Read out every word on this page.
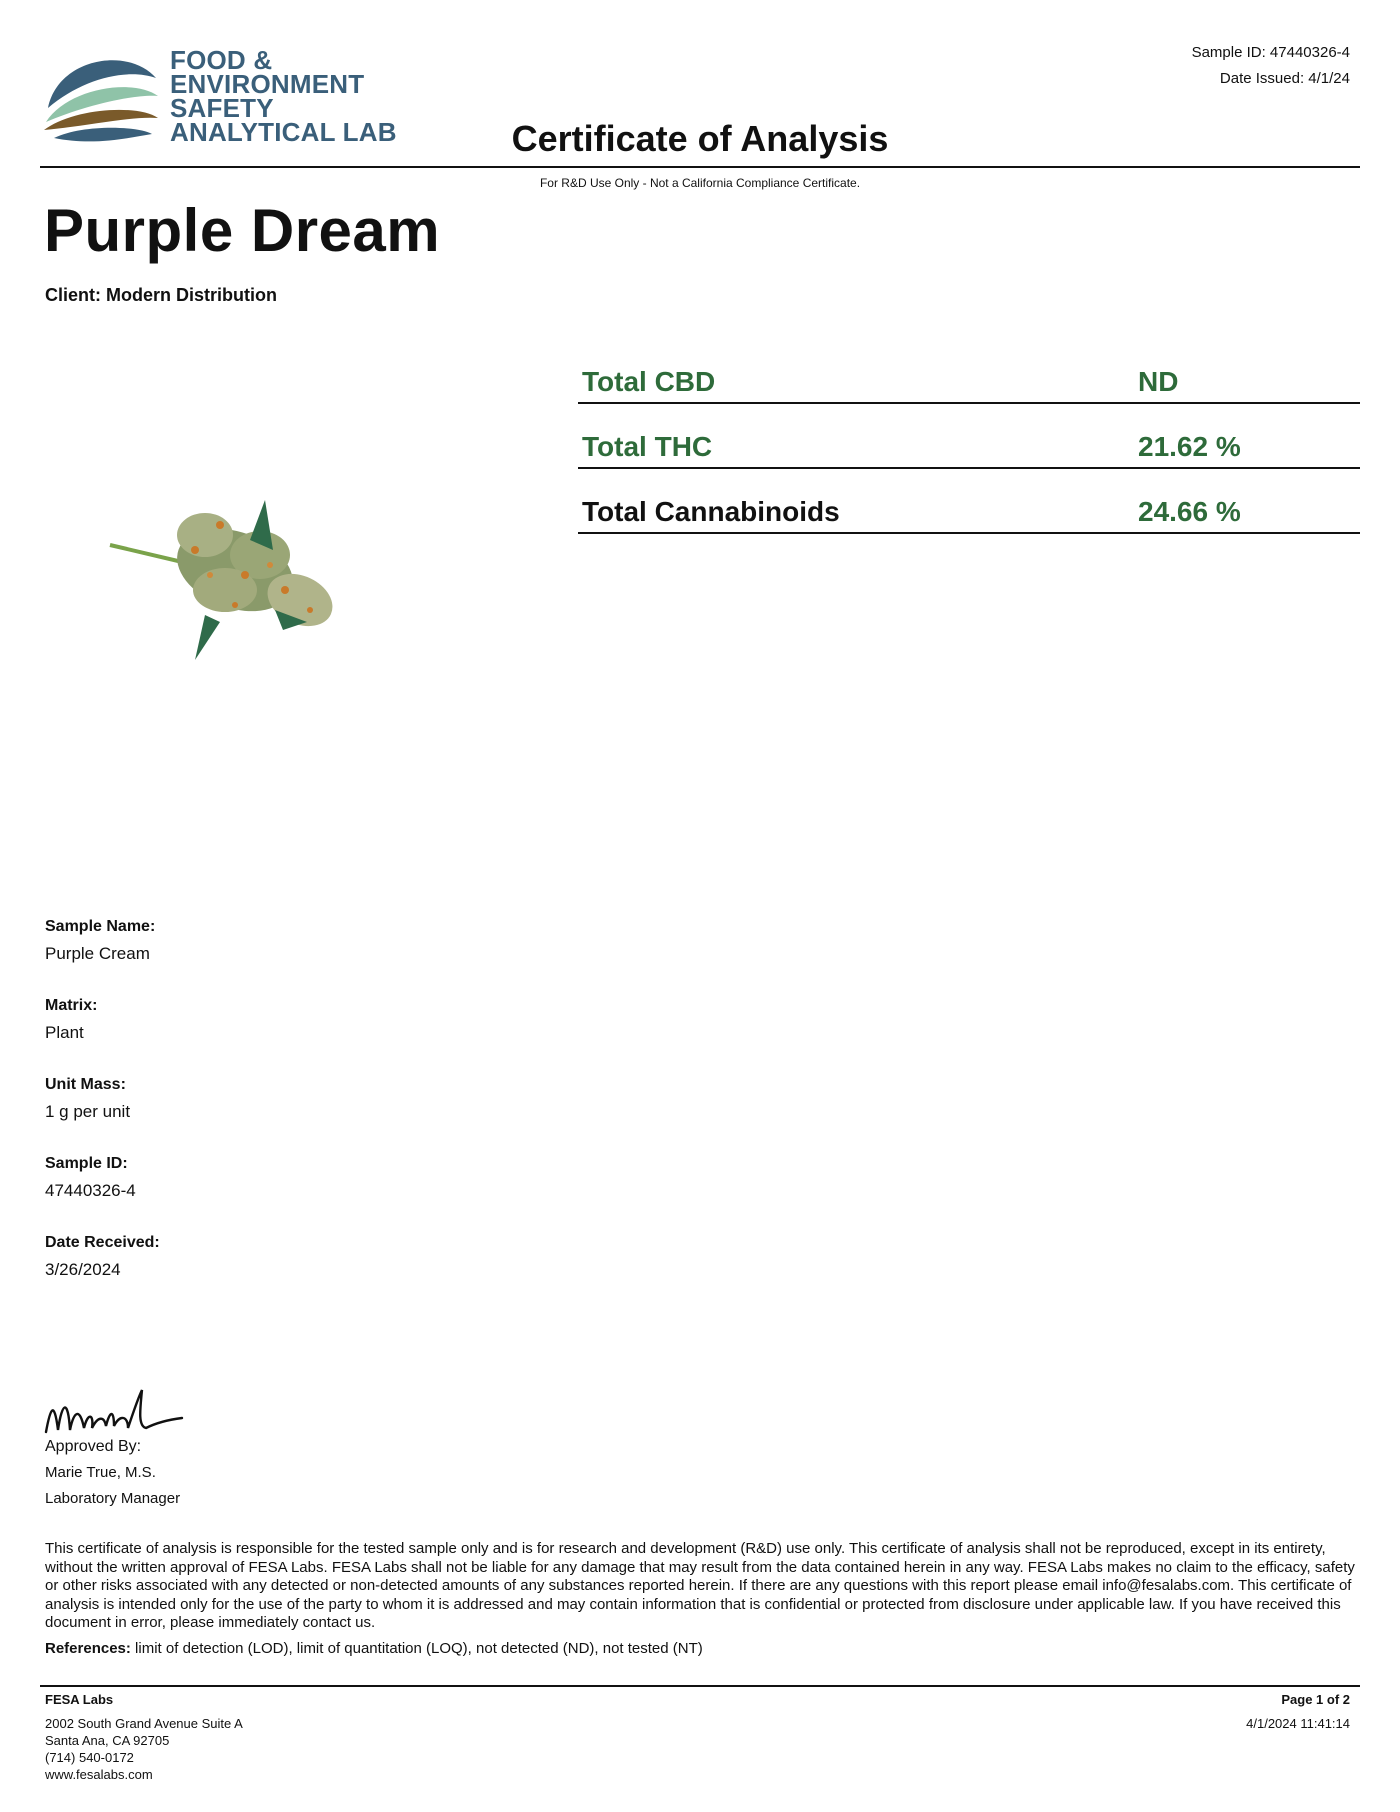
FOOD &
ENVIRONMENT
SAFETY
ANALYTICAL LAB	Certificate of Analysis
Sample ID: 47440326-4
Date Issued: 4/1/24
For R&D Use Only - Not a California Compliance Certificate.
Purple Dream
Client: Modern Distribution
Total CBD	ND
Total THC	21.62 %
Total Cannabinoids	24.66 %
Sample Name:
Purple Cream
Matrix:
Plant
Unit Mass:
1 g per unit
Sample ID:
47440326-4
Date Received:
3/26/2024
Approved By:
Marie True, M.S.
Laboratory Manager
This certificate of analysis is responsible for the tested sample only and is for research and development (R&D) use only. This certificate of analysis shall not be reproduced, except in its entirety, without the written approval of FESA Labs. FESA Labs shall not be liable for any damage that may result from the data contained herein in any way. FESA Labs makes no claim to the efficacy, safety or other risks associated with any detected or non-detected amounts of any substances reported herein. If there are any questions with this report please email info@fesalabs.com. This certificate of analysis is intended only for the use of the party to whom it is addressed and may contain information that is confidential or protected from disclosure under applicable law. If you have received this document in error, please immediately contact us.
References: limit of detection (LOD), limit of quantitation (LOQ), not detected (ND), not tested (NT)
FESA Labs
2002 South Grand Avenue Suite A
Santa Ana, CA 92705
(714) 540-0172
www.fesalabs.com
Page 1 of 2
4/1/2024 11:41:14
